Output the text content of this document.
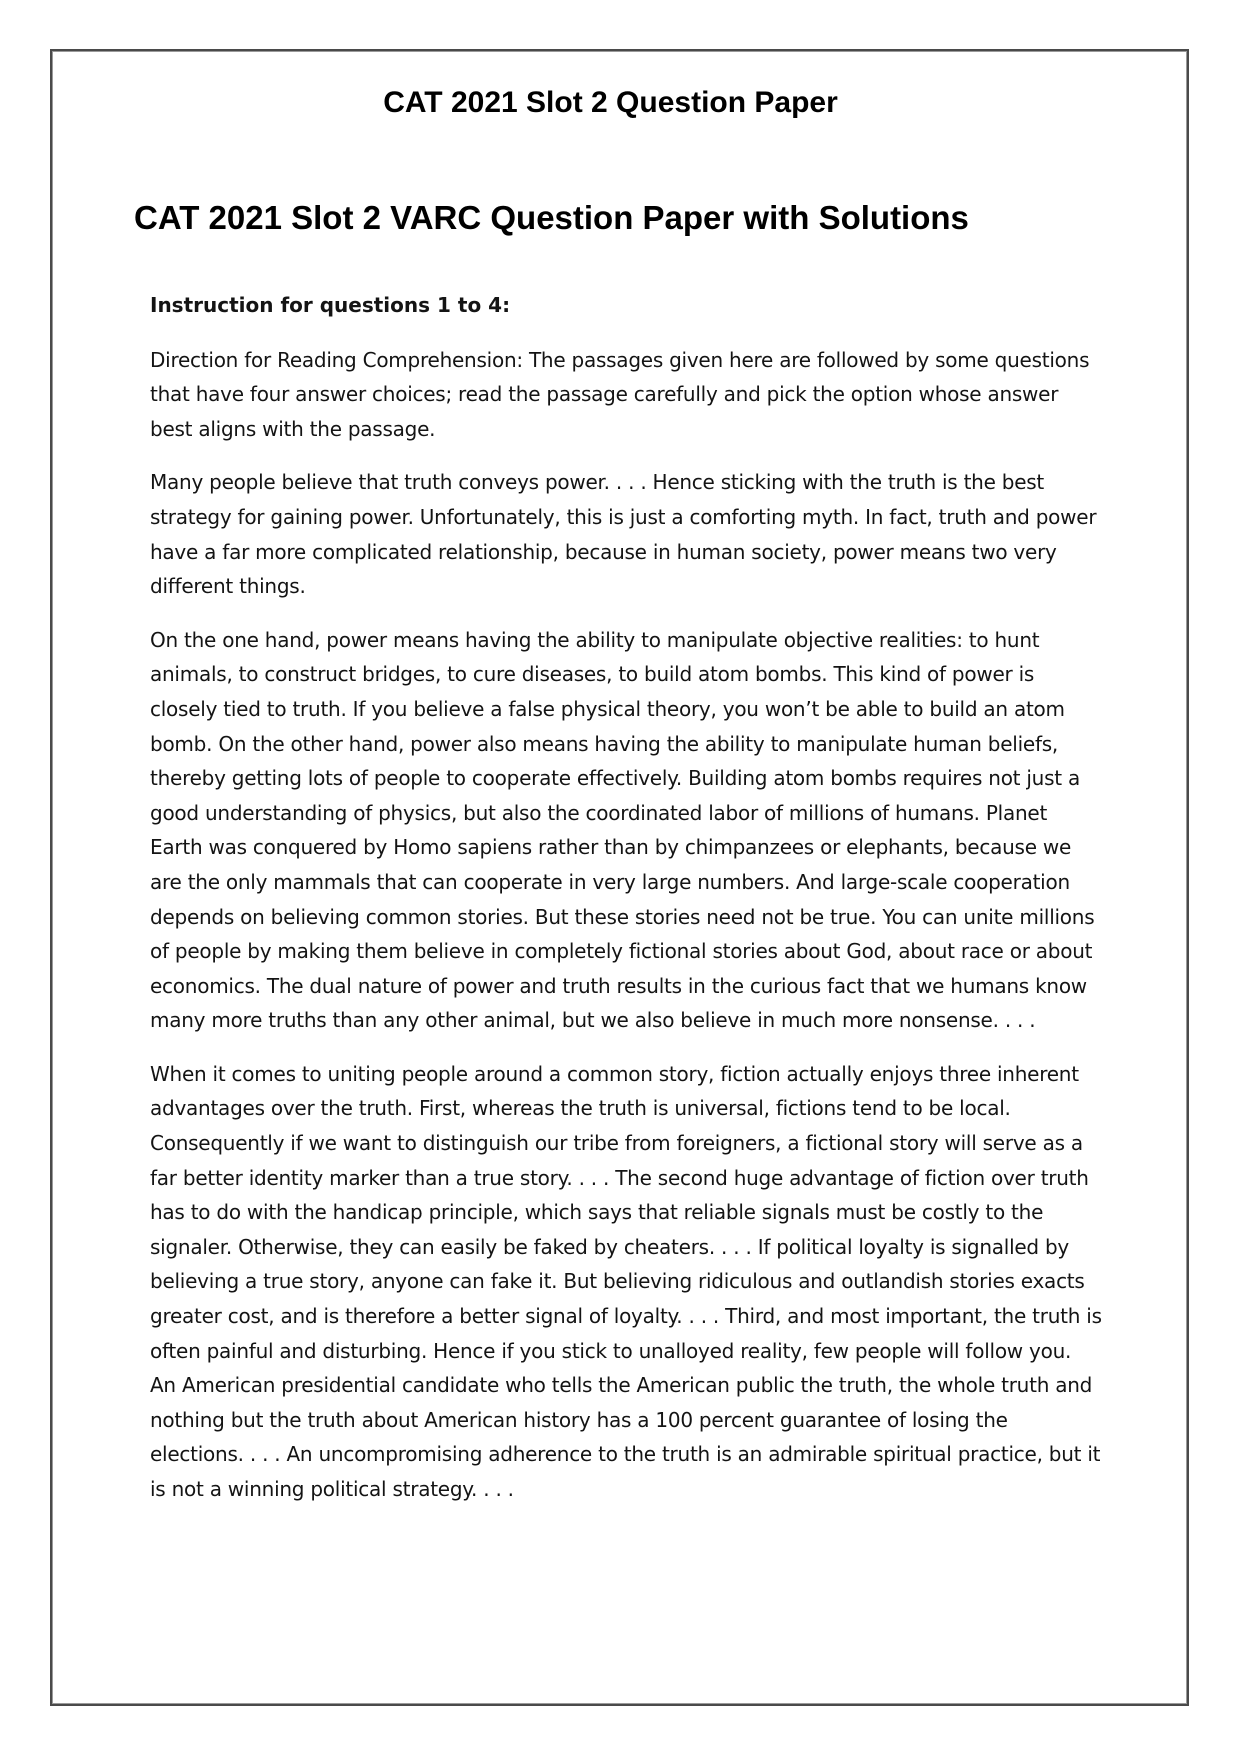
CAT 2021 Slot 2 Question Paper
CAT 2021 Slot 2 VARC Question Paper with Solutions

Instruction for questions 1 to 4:

Direction for Reading Comprehension: The passages given here are followed by some questions that have four answer choices; read the passage carefully and pick the option whose answer best aligns with the passage.

Many people believe that truth conveys power. . . . Hence sticking with the truth is the best strategy for gaining power. Unfortunately, this is just a comforting myth. In fact, truth and power have a far more complicated relationship, because in human society, power means two very different things.

On the one hand, power means having the ability to manipulate objective realities: to hunt animals, to construct bridges, to cure diseases, to build atom bombs. This kind of power is closely tied to truth. If you believe a false physical theory, you won’t be able to build an atom bomb. On the other hand, power also means having the ability to manipulate human beliefs, thereby getting lots of people to cooperate effectively. Building atom bombs requires not just a good understanding of physics, but also the coordinated labor of millions of humans. Planet Earth was conquered by Homo sapiens rather than by chimpanzees or elephants, because we are the only mammals that can cooperate in very large numbers. And large-scale cooperation depends on believing common stories. But these stories need not be true. You can unite millions of people by making them believe in completely fictional stories about God, about race or about economics. The dual nature of power and truth results in the curious fact that we humans know many more truths than any other animal, but we also believe in much more nonsense. . . .

When it comes to uniting people around a common story, fiction actually enjoys three inherent advantages over the truth. First, whereas the truth is universal, fictions tend to be local. Consequently if we want to distinguish our tribe from foreigners, a fictional story will serve as a far better identity marker than a true story. . . . The second huge advantage of fiction over truth has to do with the handicap principle, which says that reliable signals must be costly to the signaler. Otherwise, they can easily be faked by cheaters. . . . If political loyalty is signalled by believing a true story, anyone can fake it. But believing ridiculous and outlandish stories exacts greater cost, and is therefore a better signal of loyalty. . . . Third, and most important, the truth is often painful and disturbing. Hence if you stick to unalloyed reality, few people will follow you. An American presidential candidate who tells the American public the truth, the whole truth and nothing but the truth about American history has a 100 percent guarantee of losing the elections. . . . An uncompromising adherence to the truth is an admirable spiritual practice, but it is not a winning political strategy. . . .
